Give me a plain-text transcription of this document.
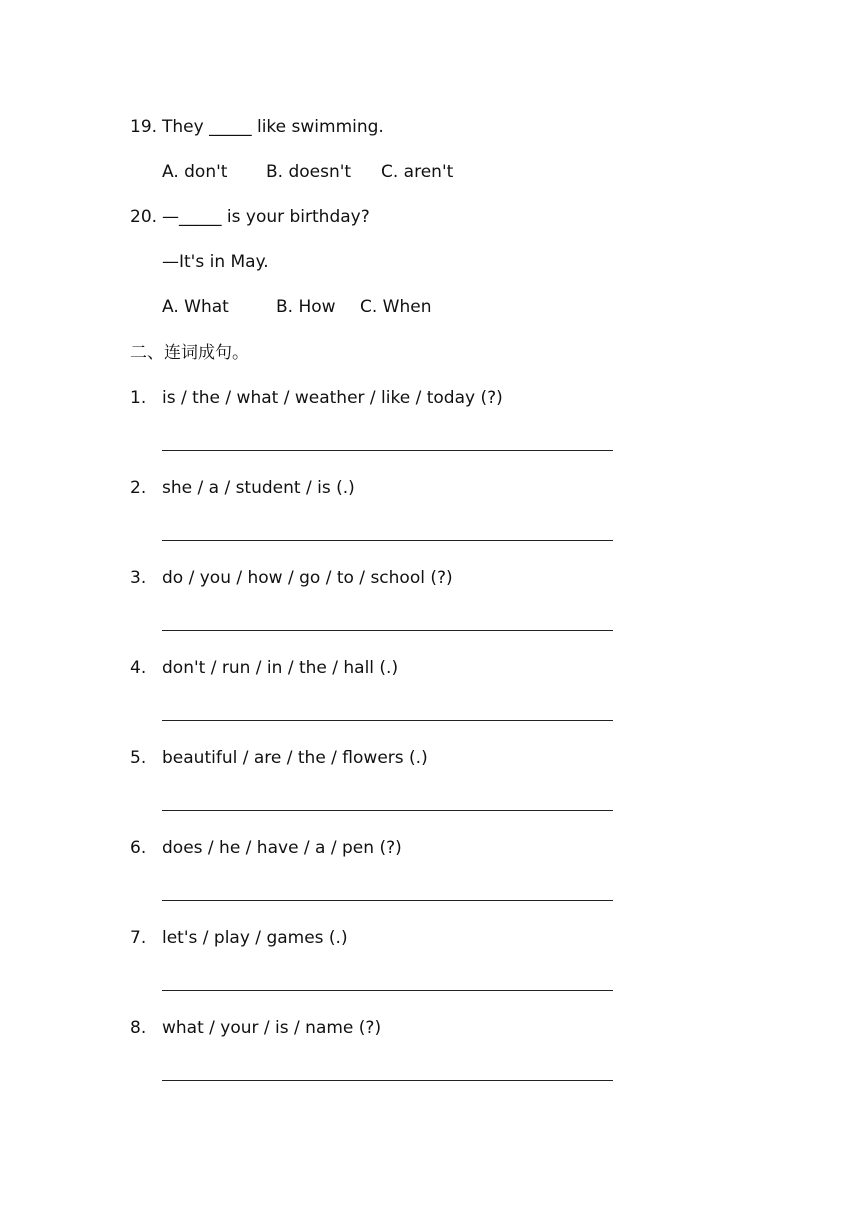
19. They _____ like swimming.
A. don't B. doesn't C. aren't
20. —_____ is your birthday?
—It's in May.
A. What	B. How C. When
二、连词成句。
1. is / the / what / weather / like / today (?)
2. she / a / student / is (.)
3. do / you / how / go / to / school (?)
4. don't / run / in / the / hall (.)
5. beautiful / are / the / flowers (.)
6. does / he / have / a / pen (?)
7. let's / play / games (.)
8. what / your / is / name (?)
